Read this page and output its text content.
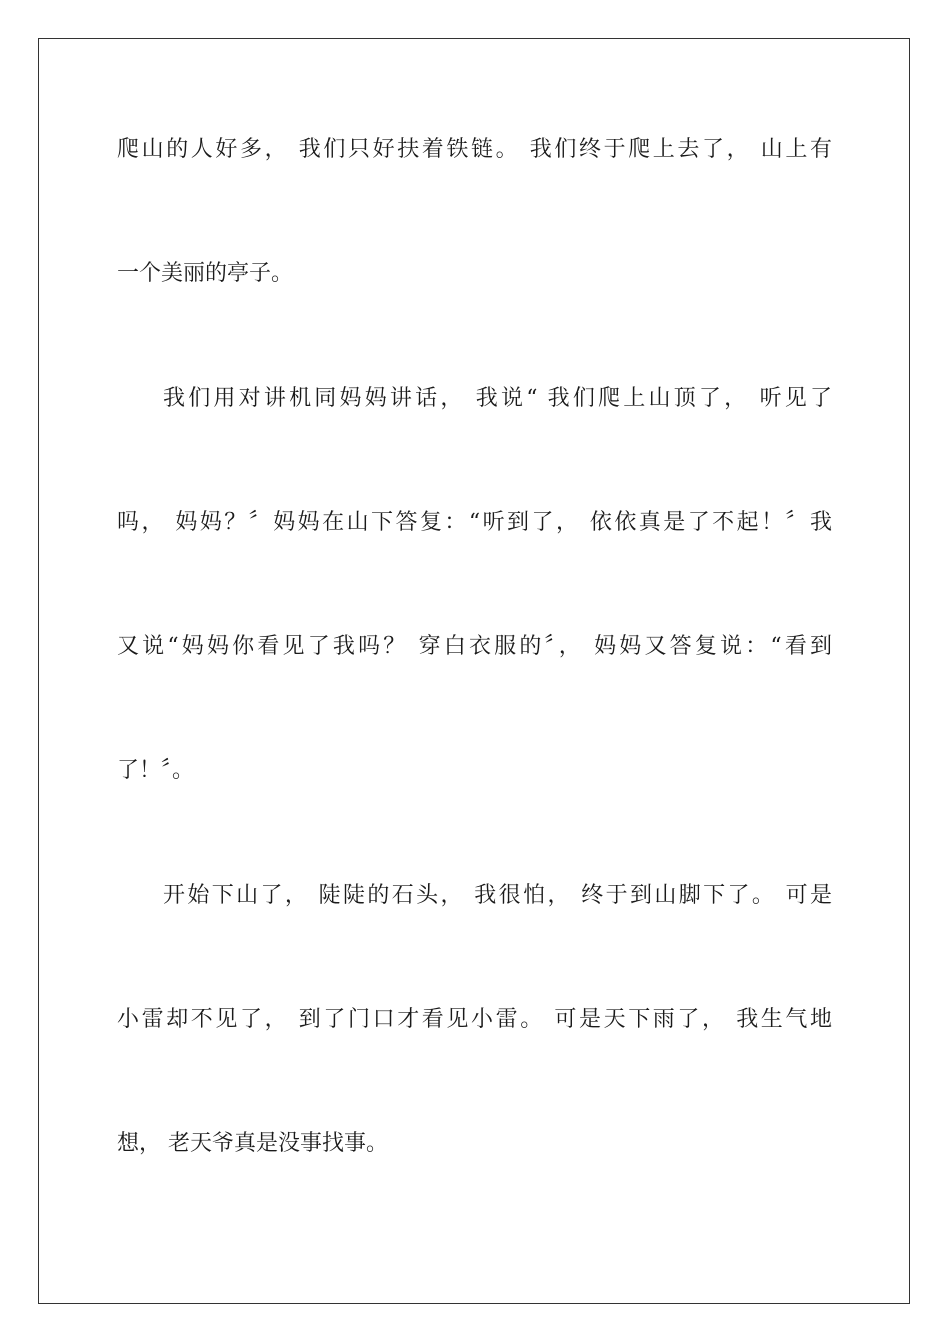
爬山的人好多， 我们只好扶着铁链。 我们终于爬上去了， 山上有
一个美丽的亭子。
我们用对讲机同妈妈讲话， 我说“ 我们爬上山顶了， 听见了
吗， 妈妈？〞妈妈在山下答复：“听到了， 依依真是了不起！〞我
又说“妈妈你看见了我吗？ 穿白衣服的〞， 妈妈又答复说：“看到
了！〞。
开始下山了， 陡陡的石头， 我很怕， 终于到山脚下了。 可是
小雷却不见了， 到了门口才看见小雷。 可是天下雨了， 我生气地
想， 老天爷真是没事找事。
